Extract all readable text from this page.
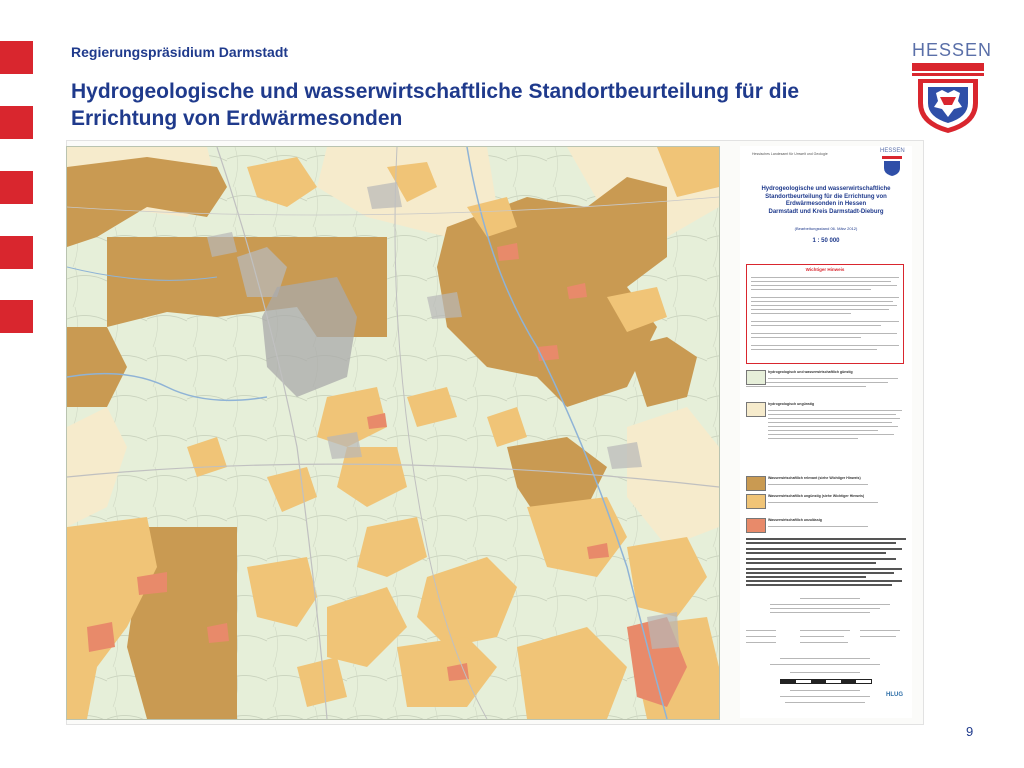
Regierungspräsidium Darmstadt
Hydrogeologische und wasserwirtschaftliche Standortbeurteilung für die Errichtung von Erdwärmesonden
HESSEN
Hessisches Landesamt für Umwelt und Geologie	HESSEN
Hydrogeologische und wasserwirtschaftliche
Standortbeurteilung für die Errichtung von
Erdwärmesonden in Hessen
Darmstadt und Kreis Darmstadt-Dieburg
(Bearbeitungsstand 06. März 2012)
1 : 50 000
Wichtiger Hinweis
hydrogeologisch und wasserwirtschaftlich günstig
hydrogeologisch ungünstig
Wasserwirtschaftlich relevant (siehe Wichtiger Hinweis)
Wasserwirtschaftlich ungünstig (siehe Wichtiger Hinweis)
Wasserwirtschaftlich unzulässig
HLUG
9
